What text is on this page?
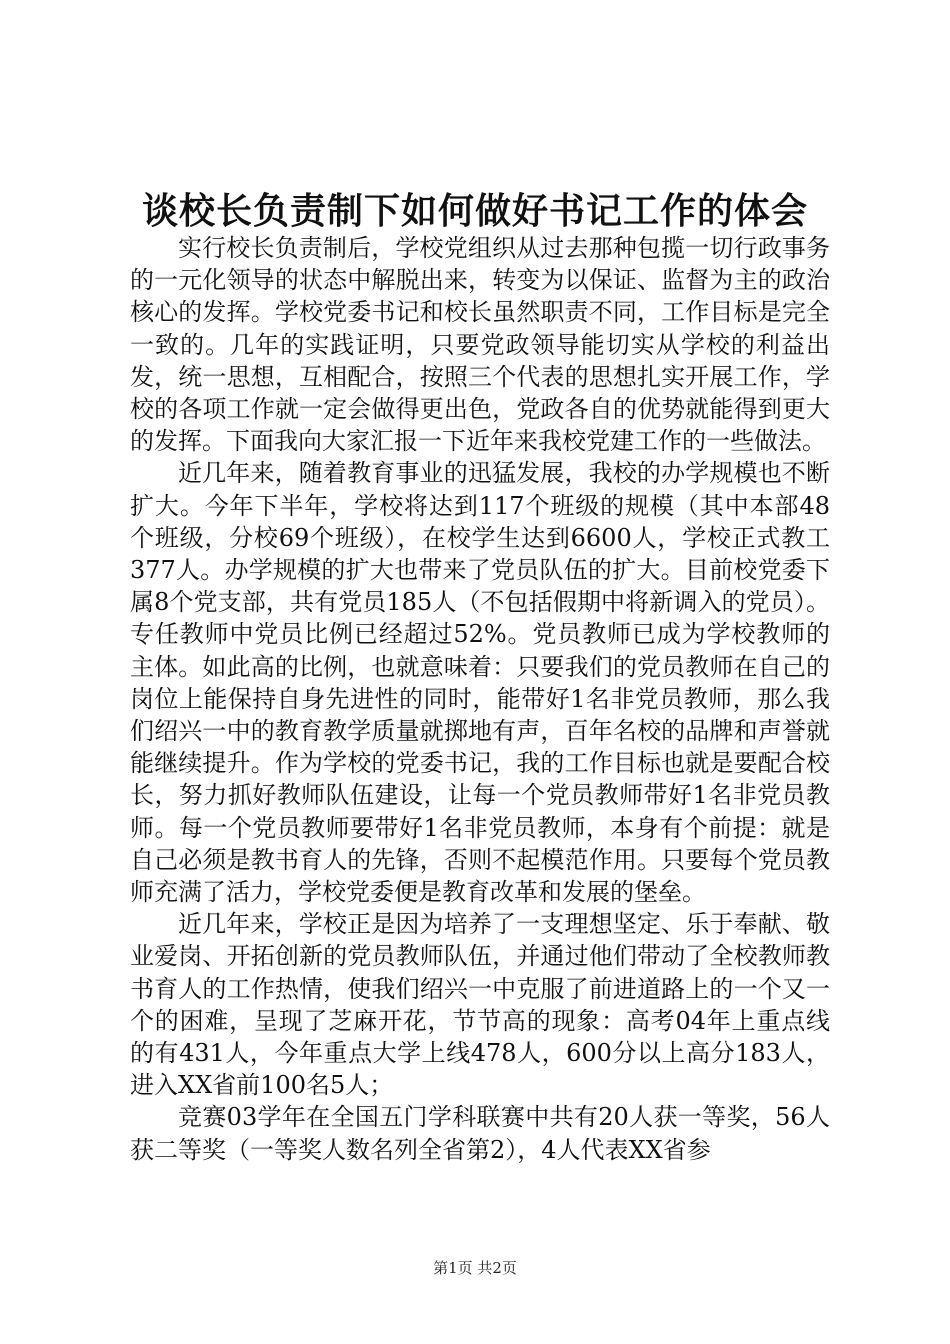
谈校长负责制下如何做好书记工作的体会

实行校长负责制后，学校党组织从过去那种包揽一切行政事务的一元化领导的状态中解脱出来，转变为以保证、监督为主的政治核心的发挥。学校党委书记和校长虽然职责不同，工作目标是完全一致的。几年的实践证明，只要党政领导能切实从学校的利益出发，统一思想，互相配合，按照三个代表的思想扎实开展工作，学校的各项工作就一定会做得更出色，党政各自的优势就能得到更大的发挥。下面我向大家汇报一下近年来我校党建工作的一些做法。

近几年来，随着教育事业的迅猛发展，我校的办学规模也不断扩大。今年下半年，学校将达到117个班级的规模（其中本部48个班级，分校69个班级），在校学生达到6600人，学校正式教工377人。办学规模的扩大也带来了党员队伍的扩大。目前校党委下属8个党支部，共有党员185人（不包括假期中将新调入的党员）。专任教师中党员比例已经超过52%。党员教师已成为学校教师的主体。如此高的比例，也就意味着：只要我们的党员教师在自己的岗位上能保持自身先进性的同时，能带好1名非党员教师，那么我们绍兴一中的教育教学质量就掷地有声，百年名校的品牌和声誉就能继续提升。作为学校的党委书记，我的工作目标也就是要配合校长，努力抓好教师队伍建设，让每一个党员教师带好1名非党员教师。每一个党员教师要带好1名非党员教师，本身有个前提：就是自己必须是教书育人的先锋，否则不起模范作用。只要每个党员教师充满了活力，学校党委便是教育改革和发展的堡垒。

近几年来，学校正是因为培养了一支理想坚定、乐于奉献、敬业爱岗、开拓创新的党员教师队伍，并通过他们带动了全校教师教书育人的工作热情，使我们绍兴一中克服了前进道路上的一个又一个的困难，呈现了芝麻开花，节节高的现象：高考04年上重点线的有431人，今年重点大学上线478人，600分以上高分183人，进入XX省前100名5人；

竞赛03学年在全国五门学科联赛中共有20人获一等奖，56人获二等奖（一等奖人数名列全省第2），4人代表XX省参

第1页 共2页
